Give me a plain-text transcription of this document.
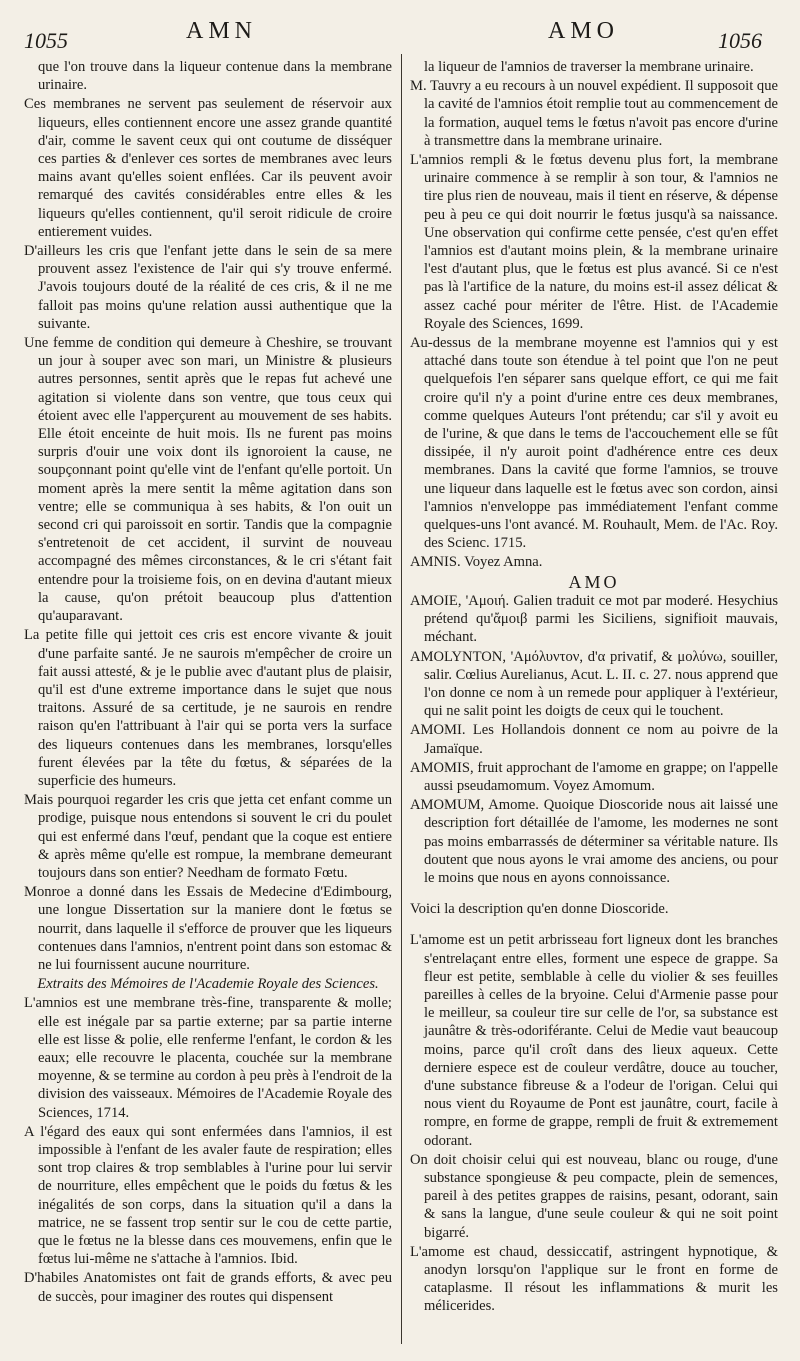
1055	AMN	AMO	1056

que l'on trouve dans la liqueur contenue dans la membrane urinaire.

Ces membranes ne servent pas seulement de réservoir aux liqueurs, elles contiennent encore une assez grande quantité d'air, comme le savent ceux qui ont coutume de disséquer ces parties & d'enlever ces sortes de membranes avec leurs mains avant qu'elles soient enflées. Car ils peuvent avoir remarqué des cavités considérables entre elles & les liqueurs qu'elles contiennent, qu'il seroit ridicule de croire entierement vuides.

D'ailleurs les cris que l'enfant jette dans le sein de sa mere prouvent assez l'existence de l'air qui s'y trouve enfermé. J'avois toujours douté de la réalité de ces cris, & il ne me falloit pas moins qu'une relation aussi authentique que la suivante.

Une femme de condition qui demeure à Cheshire, se trouvant un jour à souper avec son mari, un Ministre & plusieurs autres personnes, sentit après que le repas fut achevé une agitation si violente dans son ventre, que tous ceux qui étoient avec elle l'apperçurent au mouvement de ses habits. Elle étoit enceinte de huit mois. Ils ne furent pas moins surpris d'ouir une voix dont ils ignoroient la cause, ne soupçonnant point qu'elle vint de l'enfant qu'elle portoit. Un moment après la mere sentit la même agitation dans son ventre; elle se communiqua à ses habits, & l'on ouit un second cri qui paroissoit en sortir. Tandis que la compagnie s'entretenoit de cet accident, il survint de nouveau accompagné des mêmes circonstances, & le cri s'étant fait entendre pour la troisieme fois, on en devina d'autant mieux la cause, qu'on prétoit beaucoup plus d'attention qu'auparavant.

La petite fille qui jettoit ces cris est encore vivante & jouit d'une parfaite santé. Je ne saurois m'empêcher de croire un fait aussi attesté, & je le publie avec d'autant plus de plaisir, qu'il est d'une extreme importance dans le sujet que nous traitons. Assuré de sa certitude, je ne saurois en rendre raison qu'en l'attribuant à l'air qui se porta vers la surface des liqueurs contenues dans les membranes, lorsqu'elles furent élevées par la tête du fœtus, & séparées de la superficie des humeurs.

Mais pourquoi regarder les cris que jetta cet enfant comme un prodige, puisque nous entendons si souvent le cri du poulet qui est enfermé dans l'œuf, pendant que la coque est entiere & après même qu'elle est rompue, la membrane demeurant toujours dans son entier? Needham de formato Fœtu.

Monroe a donné dans les Essais de Medecine d'Edimbourg, une longue Dissertation sur la maniere dont le fœtus se nourrit, dans laquelle il s'efforce de prouver que les liqueurs contenues dans l'amnios, n'entrent point dans son estomac & ne lui fournissent aucune nourriture.

Extraits des Mémoires de l'Academie Royale des Sciences.

L'amnios est une membrane très-fine, transparente & molle; elle est inégale par sa partie externe; par sa partie interne elle est lisse & polie, elle renferme l'enfant, le cordon & les eaux; elle recouvre le placenta, couchée sur la membrane moyenne, & se termine au cordon à peu près à l'endroit de la division des vaisseaux. Mémoires de l'Academie Royale des Sciences, 1714.

A l'égard des eaux qui sont enfermées dans l'amnios, il est impossible à l'enfant de les avaler faute de respiration; elles sont trop claires & trop semblables à l'urine pour lui servir de nourriture, elles empêchent que le poids du fœtus & les inégalités de son corps, dans la situation qu'il a dans la matrice, ne se fassent trop sentir sur le cou de cette partie, que le fœtus ne la blesse dans ces mouvemens, enfin que le fœtus lui-même ne s'attache à l'amnios. Ibid.

D'habiles Anatomistes ont fait de grands efforts, & avec peu de succès, pour imaginer des routes qui dispensent

la liqueur de l'amnios de traverser la membrane urinaire.

M. Tauvry a eu recours à un nouvel expédient. Il supposoit que la cavité de l'amnios étoit remplie tout au commencement de la formation, auquel tems le fœtus n'avoit pas encore d'urine à transmettre dans la membrane urinaire.

L'amnios rempli & le fœtus devenu plus fort, la membrane urinaire commence à se remplir à son tour, & l'amnios ne tire plus rien de nouveau, mais il tient en réserve, & dépense peu à peu ce qui doit nourrir le fœtus jusqu'à sa naissance. Une observation qui confirme cette pensée, c'est qu'en effet l'amnios est d'autant moins plein, & la membrane urinaire l'est d'autant plus, que le fœtus est plus avancé. Si ce n'est pas là l'artifice de la nature, du moins est-il assez délicat & assez caché pour mériter de l'être. Hist. de l'Academie Royale des Sciences, 1699.

Au-dessus de la membrane moyenne est l'amnios qui y est attaché dans toute son étendue à tel point que l'on ne peut quelquefois l'en séparer sans quelque effort, ce qui me fait croire qu'il n'y a point d'urine entre ces deux membranes, comme quelques Auteurs l'ont prétendu; car s'il y avoit eu de l'urine, & que dans le tems de l'accouchement elle se fût dissipée, il n'y auroit point d'adhérence entre ces deux membranes. Dans la cavité que forme l'amnios, se trouve une liqueur dans laquelle est le fœtus avec son cordon, ainsi l'amnios n'enveloppe pas immédiatement l'enfant comme quelques-uns l'ont avancé. M. Rouhault, Mem. de l'Ac. Roy. des Scienc. 1715.

AMNIS. Voyez Amna.

AMO

AMOIE, 'Αμοιή. Galien traduit ce mot par moderé. Hesychius prétend qu'ἄμοιβ parmi les Siciliens, signifioit mauvais, méchant.

AMOLYNTON, 'Αμόλυντον, d'α privatif, & μολύνω, souiller, salir. Cœlius Aurelianus, Acut. L. II. c. 27. nous apprend que l'on donne ce nom à un remede pour appliquer à l'extérieur, qui ne salit point les doigts de ceux qui le touchent.

AMOMI. Les Hollandois donnent ce nom au poivre de la Jamaïque.

AMOMIS, fruit approchant de l'amome en grappe; on l'appelle aussi pseudamomum. Voyez Amomum.

AMOMUM, Amome. Quoique Dioscoride nous ait laissé une description fort détaillée de l'amome, les modernes ne sont pas moins embarrassés de déterminer sa véritable nature. Ils doutent que nous ayons le vrai amome des anciens, ou pour le moins que nous en ayons connoissance.

Voici la description qu'en donne Dioscoride.

L'amome est un petit arbrisseau fort ligneux dont les branches s'entrelaçant entre elles, forment une espece de grappe. Sa fleur est petite, semblable à celle du violier & ses feuilles pareilles à celles de la bryoine. Celui d'Armenie passe pour le meilleur, sa couleur tire sur celle de l'or, sa substance est jaunâtre & très-odoriférante. Celui de Medie vaut beaucoup moins, parce qu'il croît dans des lieux aqueux. Cette derniere espece est de couleur verdâtre, douce au toucher, d'une substance fibreuse & a l'odeur de l'origan. Celui qui nous vient du Royaume de Pont est jaunâtre, court, facile à rompre, en forme de grappe, rempli de fruit & extremement odorant.

On doit choisir celui qui est nouveau, blanc ou rouge, d'une substance spongieuse & peu compacte, plein de semences, pareil à des petites grappes de raisins, pesant, odorant, sain & sans la langue, d'une seule couleur & qui ne soit point bigarré.

L'amome est chaud, dessiccatif, astringent hypnotique, & anodyn lorsqu'on l'applique sur le front en forme de cataplasme. Il résout les inflammations & murit les mélicerides.
